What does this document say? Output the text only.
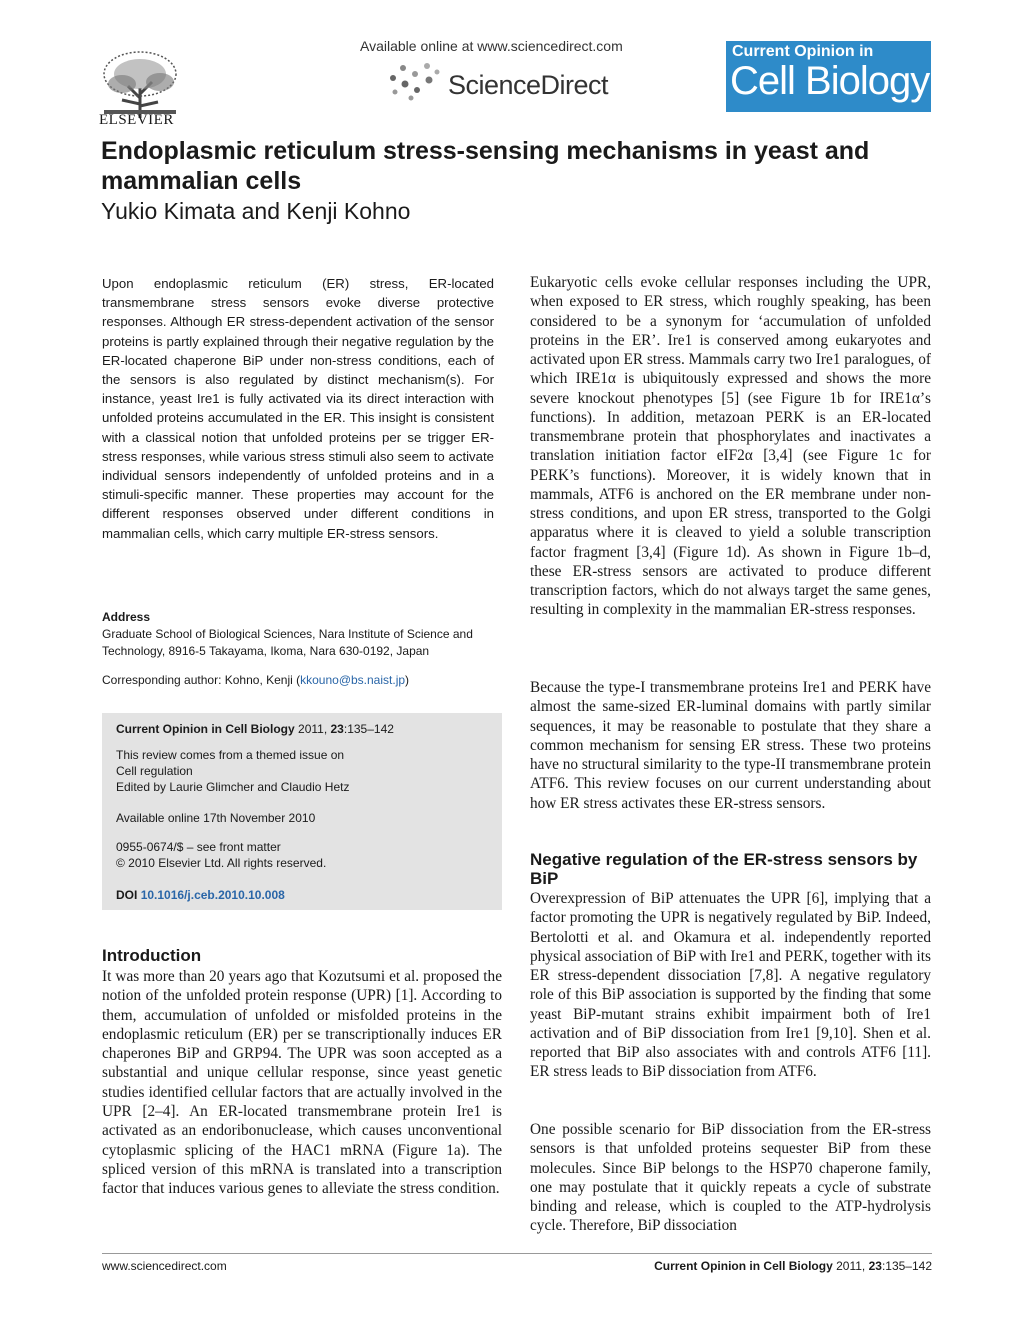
ELSEVIER
Available online at www.sciencedirect.com
ScienceDirect
Current Opinion in
Cell Biology
Endoplasmic reticulum stress-sensing mechanisms in yeast and mammalian cells
Yukio Kimata and Kenji Kohno
Upon endoplasmic reticulum (ER) stress, ER-located transmembrane stress sensors evoke diverse protective responses. Although ER stress-dependent activation of the sensor proteins is partly explained through their negative regulation by the ER-located chaperone BiP under non-stress conditions, each of the sensors is also regulated by distinct mechanism(s). For instance, yeast Ire1 is fully activated via its direct interaction with unfolded proteins accumulated in the ER. This insight is consistent with a classical notion that unfolded proteins per se trigger ER-stress responses, while various stress stimuli also seem to activate individual sensors independently of unfolded proteins and in a stimuli-specific manner. These properties may account for the different responses observed under different conditions in mammalian cells, which carry multiple ER-stress sensors.
Address
Graduate School of Biological Sciences, Nara Institute of Science and Technology, 8916-5 Takayama, Ikoma, Nara 630-0192, Japan
Corresponding author: Kohno, Kenji (kkouno@bs.naist.jp)
Current Opinion in Cell Biology 2011, 23:135–142
This review comes from a themed issue on
Cell regulation
Edited by Laurie Glimcher and Claudio Hetz
Available online 17th November 2010
0955-0674/$ – see front matter
© 2010 Elsevier Ltd. All rights reserved.
DOI 10.1016/j.ceb.2010.10.008
Introduction
It was more than 20 years ago that Kozutsumi et al. proposed the notion of the unfolded protein response (UPR) [1]. According to them, accumulation of unfolded or misfolded proteins in the endoplasmic reticulum (ER) per se transcriptionally induces ER chaperones BiP and GRP94. The UPR was soon accepted as a substantial and unique cellular response, since yeast genetic studies identified cellular factors that are actually involved in the UPR [2–4]. An ER-located transmembrane protein Ire1 is activated as an endoribonuclease, which causes unconventional cytoplasmic splicing of the HAC1 mRNA (Figure 1a). The spliced version of this mRNA is translated into a transcription factor that induces various genes to alleviate the stress condition.
Eukaryotic cells evoke cellular responses including the UPR, when exposed to ER stress, which roughly speaking, has been considered to be a synonym for ‘accumulation of unfolded proteins in the ER’. Ire1 is conserved among eukaryotes and activated upon ER stress. Mammals carry two Ire1 paralogues, of which IRE1α is ubiquitously expressed and shows the more severe knockout phenotypes [5] (see Figure 1b for IRE1α’s functions). In addition, metazoan PERK is an ER-located transmembrane protein that phosphorylates and inactivates a translation initiation factor eIF2α [3,4] (see Figure 1c for PERK’s functions). Moreover, it is widely known that in mammals, ATF6 is anchored on the ER membrane under non-stress conditions, and upon ER stress, transported to the Golgi apparatus where it is cleaved to yield a soluble transcription factor fragment [3,4] (Figure 1d). As shown in Figure 1b–d, these ER-stress sensors are activated to produce different transcription factors, which do not always target the same genes, resulting in complexity in the mammalian ER-stress responses.
Because the type-I transmembrane proteins Ire1 and PERK have almost the same-sized ER-luminal domains with partly similar sequences, it may be reasonable to postulate that they share a common mechanism for sensing ER stress. These two proteins have no structural similarity to the type-II transmembrane protein ATF6. This review focuses on our current understanding about how ER stress activates these ER-stress sensors.
Negative regulation of the ER-stress sensors by BiP
Overexpression of BiP attenuates the UPR [6], implying that a factor promoting the UPR is negatively regulated by BiP. Indeed, Bertolotti et al. and Okamura et al. independently reported physical association of BiP with Ire1 and PERK, together with its ER stress-dependent dissociation [7,8]. A negative regulatory role of this BiP association is supported by the finding that some yeast BiP-mutant strains exhibit impairment both of Ire1 activation and of BiP dissociation from Ire1 [9,10]. Shen et al. reported that BiP also associates with and controls ATF6 [11]. ER stress leads to BiP dissociation from ATF6.
One possible scenario for BiP dissociation from the ER-stress sensors is that unfolded proteins sequester BiP from these molecules. Since BiP belongs to the HSP70 chaperone family, one may postulate that it quickly repeats a cycle of substrate binding and release, which is coupled to the ATP-hydrolysis cycle. Therefore, BiP dissociation
www.sciencedirect.com	Current Opinion in Cell Biology 2011, 23:135–142
